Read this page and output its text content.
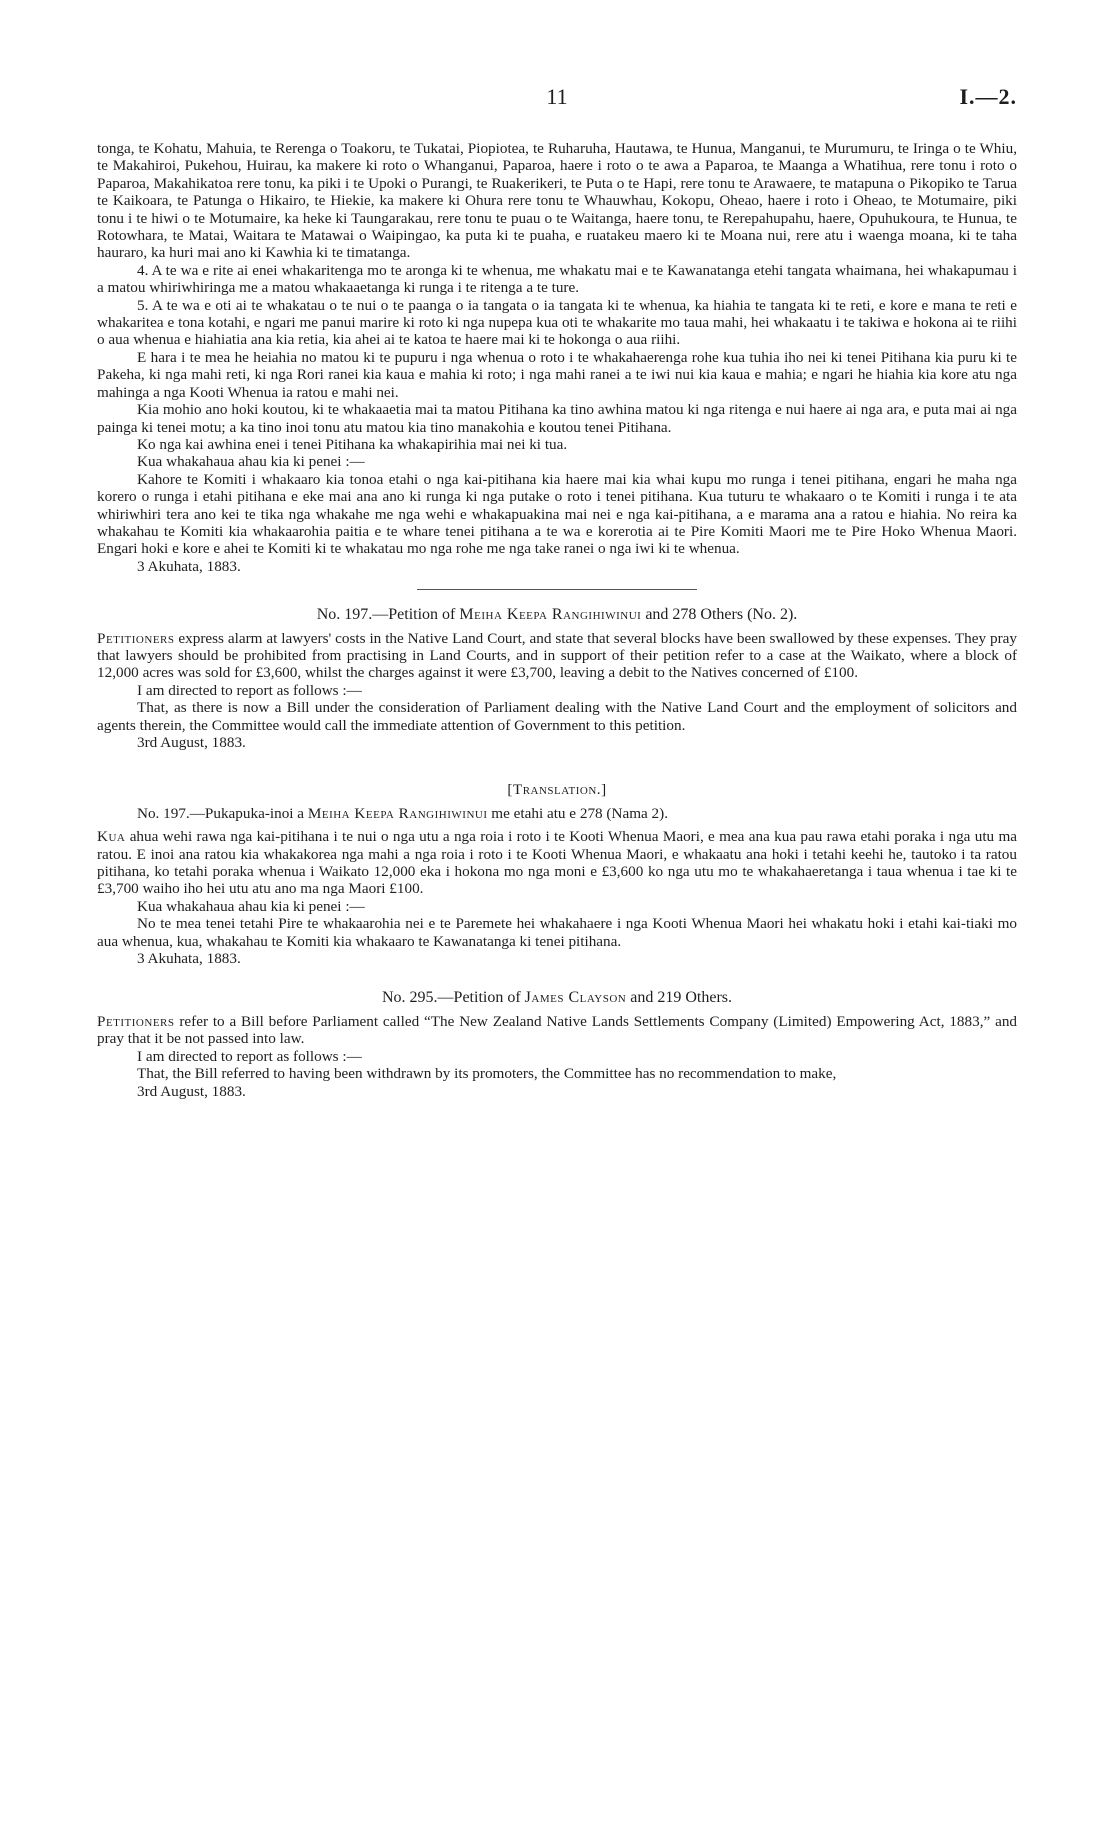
11	I.—2.

tonga, te Kohatu, Mahuia, te Rerenga o Toakoru, te Tukatai, Piopiotea, te Ruharuha, Hautawa, te Hunua, Manganui, te Murumuru, te Iringa o te Whiu, te Makahiroi, Pukehou, Huirau, ka makere ki roto o Whanganui, Paparoa, haere i roto o te awa a Paparoa, te Maanga a Whatihua, rere tonu i roto o Paparoa, Makahikatoa rere tonu, ka piki i te Upoki o Purangi, te Ruakerikeri, te Puta o te Hapi, rere tonu te Arawaere, te matapuna o Pikopiko te Tarua te Kaikoara, te Patunga o Hikairo, te Hiekie, ka makere ki Ohura rere tonu te Whauwhau, Kokopu, Oheao, haere i roto i Oheao, te Motumaire, piki tonu i te hiwi o te Motumaire, ka heke ki Taungarakau, rere tonu te puau o te Waitanga, haere tonu, te Rerepahupahu, haere, Opuhukoura, te Hunua, te Rotowhara, te Matai, Waitara te Matawai o Waipingao, ka puta ki te puaha, e ruatakeu maero ki te Moana nui, rere atu i waenga moana, ki te taha hauraro, ka huri mai ano ki Kawhia ki te timatanga.

4. A te wa e rite ai enei whakaritenga mo te aronga ki te whenua, me whakatu mai e te Kawanatanga etehi tangata whaimana, hei whakapumau i a matou whiriwhiringa me a matou whakaaetanga ki runga i te ritenga a te ture.

5. A te wa e oti ai te whakatau o te nui o te paanga o ia tangata o ia tangata ki te whenua, ka hiahia te tangata ki te reti, e kore e mana te reti e whakaritea e tona kotahi, e ngari me panui marire ki roto ki nga nupepa kua oti te whakarite mo taua mahi, hei whakaatu i te takiwa e hokona ai te riihi o aua whenua e hiahiatia ana kia retia, kia ahei ai te katoa te haere mai ki te hokonga o aua riihi.

E hara i te mea he heiahia no matou ki te pupuru i nga whenua o roto i te whakahaerenga rohe kua tuhia iho nei ki tenei Pitihana kia puru ki te Pakeha, ki nga mahi reti, ki nga Rori ranei kia kaua e mahia ki roto; i nga mahi ranei a te iwi nui kia kaua e mahia; e ngari he hiahia kia kore atu nga mahinga a nga Kooti Whenua ia ratou e mahi nei.

Kia mohio ano hoki koutou, ki te whakaaetia mai ta matou Pitihana ka tino awhina matou ki nga ritenga e nui haere ai nga ara, e puta mai ai nga painga ki tenei motu; a ka tino inoi tonu atu matou kia tino manakohia e koutou tenei Pitihana.

Ko nga kai awhina enei i tenei Pitihana ka whakapirihia mai nei ki tua.

Kua whakahaua ahau kia ki penei :—

Kahore te Komiti i whakaaro kia tonoa etahi o nga kai-pitihana kia haere mai kia whai kupu mo runga i tenei pitihana, engari he maha nga korero o runga i etahi pitihana e eke mai ana ano ki runga ki nga putake o roto i tenei pitihana. Kua tuturu te whakaaro o te Komiti i runga i te ata whiriwhiri tera ano kei te tika nga whakahe me nga wehi e whakapuakina mai nei e nga kai-pitihana, a e marama ana a ratou e hiahia. No reira ka whakahau te Komiti kia whakaarohia paitia e te whare tenei pitihana a te wa e korerotia ai te Pire Komiti Maori me te Pire Hoko Whenua Maori. Engari hoki e kore e ahei te Komiti ki te whakatau mo nga rohe me nga take ranei o nga iwi ki te whenua.

3 Akuhata, 1883.

No. 197.—Petition of Meiha Keepa Rangihiwinui and 278 Others (No. 2).

Petitioners express alarm at lawyers' costs in the Native Land Court, and state that several blocks have been swallowed by these expenses. They pray that lawyers should be prohibited from practising in Land Courts, and in support of their petition refer to a case at the Waikato, where a block of 12,000 acres was sold for £3,600, whilst the charges against it were £3,700, leaving a debit to the Natives concerned of £100.

I am directed to report as follows :—

That, as there is now a Bill under the consideration of Parliament dealing with the Native Land Court and the employment of solicitors and agents therein, the Committee would call the immediate attention of Government to this petition.

3rd August, 1883.

[Translation.]

No. 197.—Pukapuka-inoi a Meiha Keepa Rangihiwinui me etahi atu e 278 (Nama 2).

Kua ahua wehi rawa nga kai-pitihana i te nui o nga utu a nga roia i roto i te Kooti Whenua Maori, e mea ana kua pau rawa etahi poraka i nga utu ma ratou. E inoi ana ratou kia whakakorea nga mahi a nga roia i roto i te Kooti Whenua Maori, e whakaatu ana hoki i tetahi keehi he, tautoko i ta ratou pitihana, ko tetahi poraka whenua i Waikato 12,000 eka i hokona mo nga moni e £3,600 ko nga utu mo te whakahaeretanga i taua whenua i tae ki te £3,700 waiho iho hei utu atu ano ma nga Maori £100.

Kua whakahaua ahau kia ki penei :—

No te mea tenei tetahi Pire te whakaarohia nei e te Paremete hei whakahaere i nga Kooti Whenua Maori hei whakatu hoki i etahi kai-tiaki mo aua whenua, kua, whakahau te Komiti kia whakaaro te Kawanatanga ki tenei pitihana.

3 Akuhata, 1883.

No. 295.—Petition of James Clayson and 219 Others.

Petitioners refer to a Bill before Parliament called “The New Zealand Native Lands Settlements Company (Limited) Empowering Act, 1883,” and pray that it be not passed into law.

I am directed to report as follows :—

That, the Bill referred to having been withdrawn by its promoters, the Committee has no recommendation to make,

3rd August, 1883.
